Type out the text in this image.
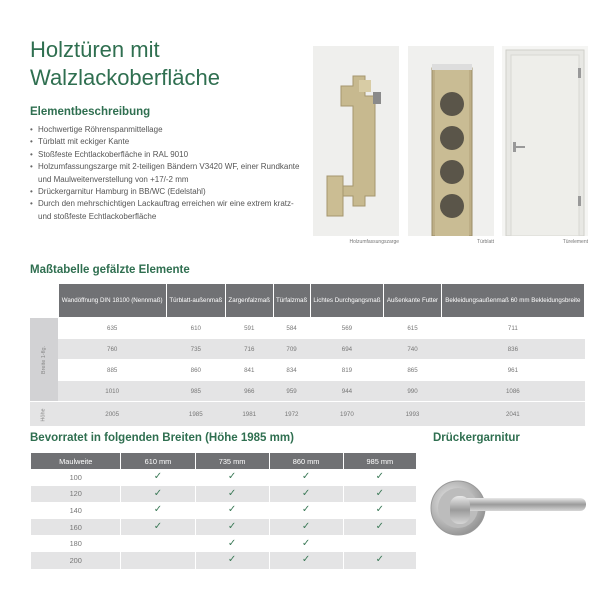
Holztüren mit
Walzlackoberfläche
Elementbeschreibung
• Hochwertige Röhrenspanmittellage
• Türblatt mit eckiger Kante
• Stoßfeste Echtlackoberfläche in RAL 9010
• Holzumfassungszarge mit 2-teiligen Bändern V3420 WF, einer Rundkante und Maulweitenverstellung von +17/-2 mm
• Drückergarnitur Hamburg in BB/WC (Edelstahl)
• Durch den mehrschichtigen Lackauftrag erreichen wir eine extrem kratz- und stoßfeste Echtlackoberfläche
Holzumfassungszarge	Türblatt	Türelement
Maßtabelle gefälzte Elemente
	Wandöffnung DIN 18100 (Nennmaß)	Türblatt-außenmaß	Zargenfalzmaß	Türfalzmaß	Lichtes Durchgangsmaß	Außenkante Futter	Bekleidungsaußenmaß 60 mm Bekleidungsbreite
Breite 1-flg.	635	610	591	584	569	615	711
	760	735	716	709	694	740	836
	885	860	841	834	819	865	961
	1010	985	966	959	944	990	1086
Höhe	2005	1985	1981	1972	1970	1993	2041
Bevorratet in folgenden Breiten (Höhe 1985 mm)
Maulweite	610 mm	735 mm	860 mm	985 mm
100	✓	✓	✓	✓
120	✓	✓	✓	✓
140	✓	✓	✓	✓
160	✓	✓	✓	✓
180		✓	✓	
200		✓	✓	✓
Drückergarnitur
